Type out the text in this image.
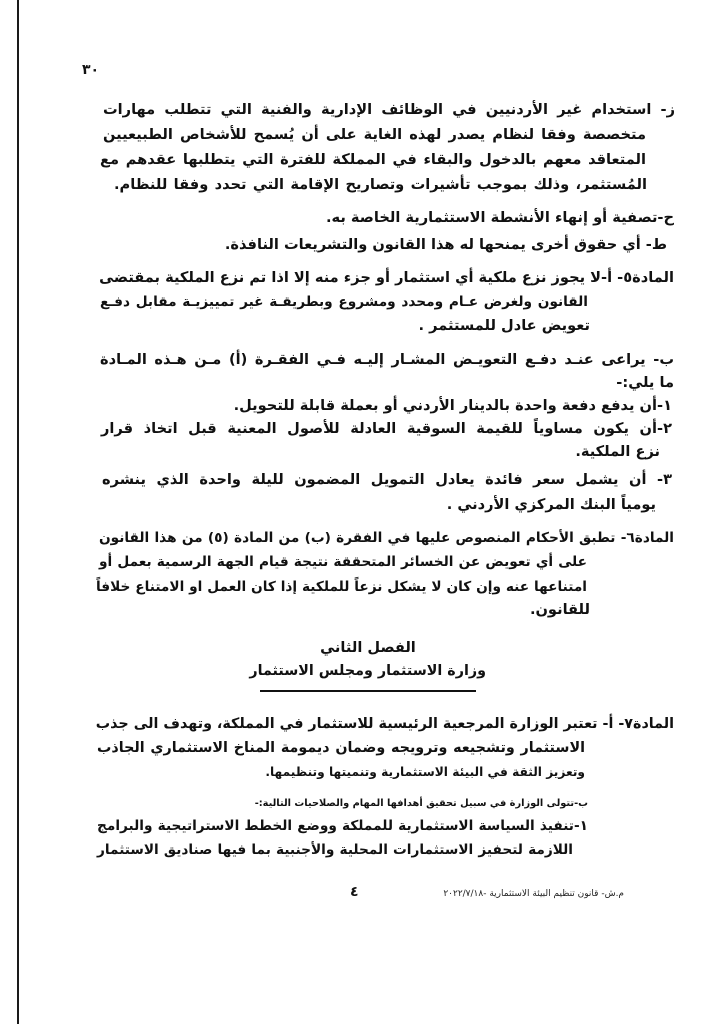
٣٠
ز- استخدام غير الأردنيين في الوظائف الإدارية والفنية التي تتطلب مهارات
متخصصة وفقا لنظام يصدر لهذه الغاية على أن يُسمح للأشخاص الطبيعيين
المتعاقد معهم بالدخول والبقاء في المملكة للفترة التي يتطلبها عقدهم مع
المُستثمر، وذلك بموجب تأشيرات وتصاريح الإقامة التي تحدد وفقا للنظام.
ح-تصفية أو إنهاء الأنشطة الاستثمارية الخاصة به.
ط- أي حقوق أخرى يمنحها له هذا القانون والتشريعات النافذة.
المادة٥- أ-لا يجوز نزع ملكية أي استثمار أو جزء منه إلا اذا تم نزع الملكية بمقتضى
القانون ولغرض عـام ومحدد ومشروع وبطريقـة غير تمييزيـة مقابل دفـع
تعويض عادل للمستثمر .
ب- يراعى عنـد دفـع التعويـض المشـار إليـه فـي الفقـرة (أ) مـن هـذه المـادة
ما يلي:-
١-أن يدفع دفعة واحدة بالدينار الأردني أو بعملة قابلة للتحويل.
٢-أن يكون مساوياً للقيمة السوقية العادلة للأصول المعنية قبل اتخاذ قرار
نزع الملكية.
٣- أن يشمل سعر فائدة يعادل التمويل المضمون لليلة واحدة الذي ينشره
يومياً البنك المركزي الأردني .
المادة٦- تطبق الأحكام المنصوص عليها في الفقرة (ب) من المادة (٥) من هذا القانون
على أي تعويض عن الخسائر المتحققة نتيجة قيام الجهة الرسمية بعمل أو
امتناعها عنه وإن كان لا يشكل نزعاً للملكية إذا كان العمل او الامتناع خلافاً
للقانون.
الفصل الثاني
وزارة الاستثمار ومجلس الاستثمار
المادة٧- أ- تعتبر الوزارة المرجعية الرئيسية للاستثمار في المملكة، وتهدف الى جذب
الاستثمار وتشجيعه وترويجه وضمان ديمومة المناخ الاستثماري الجاذب
وتعزيز الثقة في البيئة الاستثمارية وتنميتها وتنظيمها.
ب-تتولى الوزارة في سبيل تحقيق أهدافها المهام والصلاحيات التالية:-
١-تنفيذ السياسة الاستثمارية للمملكة ووضع الخطط الاستراتيجية والبرامج
اللازمة لتحفيز الاستثمارات المحلية والأجنبية بما فيها صناديق الاستثمار
٤	م.ش- قانون تنظيم البيئة الاستثمارية -٢٠٢٢/٧/١٨
